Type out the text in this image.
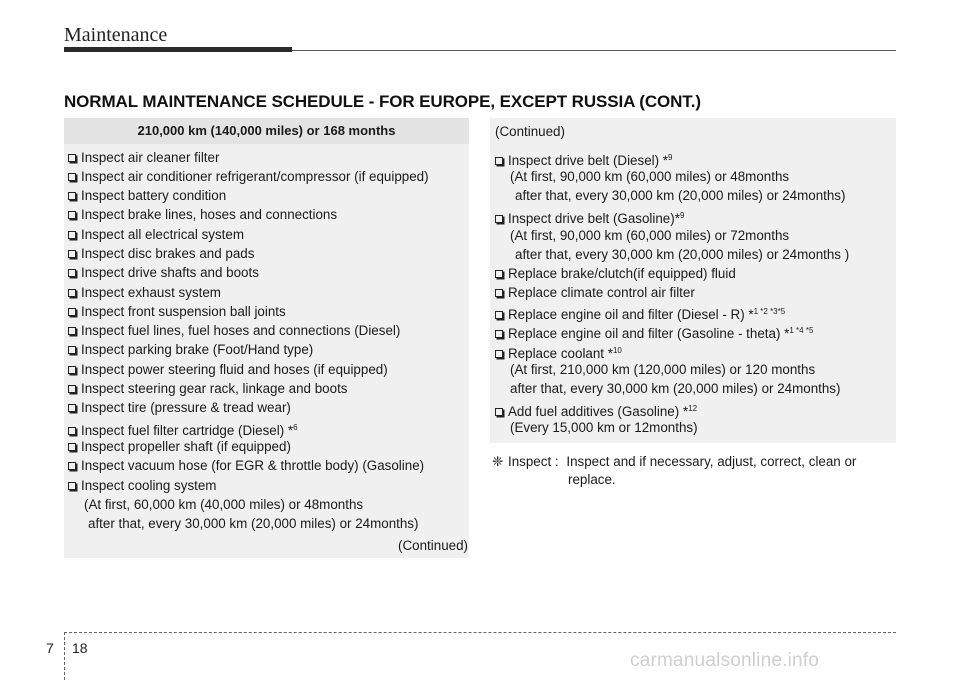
Maintenance
NORMAL MAINTENANCE SCHEDULE - FOR EUROPE, EXCEPT RUSSIA (CONT.)
210,000 km (140,000 miles) or 168 months
Inspect air cleaner filter
Inspect air conditioner refrigerant/compressor (if equipped)
Inspect battery condition
Inspect brake lines, hoses and connections
Inspect all electrical system
Inspect disc brakes and pads
Inspect drive shafts and boots
Inspect exhaust system
Inspect front suspension ball joints
Inspect fuel lines, fuel hoses and connections (Diesel)
Inspect parking brake (Foot/Hand type)
Inspect power steering fluid and hoses (if equipped)
Inspect steering gear rack, linkage and boots
Inspect tire (pressure & tread wear)
Inspect fuel filter cartridge (Diesel) *$^6$
Inspect propeller shaft (if equipped)
Inspect vacuum hose (for EGR & throttle body) (Gasoline)
Inspect cooling system
(At first, 60,000 km (40,000 miles) or 48months
after that, every 30,000 km (20,000 miles) or 24months)
(Continued)
(Continued)
Inspect drive belt (Diesel) *$^9$
(At first, 90,000 km (60,000 miles) or 48months
after that, every 30,000 km (20,000 miles) or 24months)
Inspect drive belt (Gasoline)*$^9$
(At first, 90,000 km (60,000 miles) or 72months
after that, every 30,000 km (20,000 miles) or 24months )
Replace brake/clutch(if equipped) fluid
Replace climate control air filter
Replace engine oil and filter (Diesel - R) *$^{1 *2 *3*5}$
Replace engine oil and filter (Gasoline - theta) *$^{1 *4 *5}$
Replace coolant *$^{10}$
(At first, 210,000 km (120,000 miles) or 120 months
after that, every 30,000 km (20,000 miles) or 24months)
Add fuel additives (Gasoline) *$^{12}$
(Every 15,000 km or 12months)
❈ Inspect : Inspect and if necessary, adjust, correct, clean or
replace.
7 18
carmanualsonline.info
